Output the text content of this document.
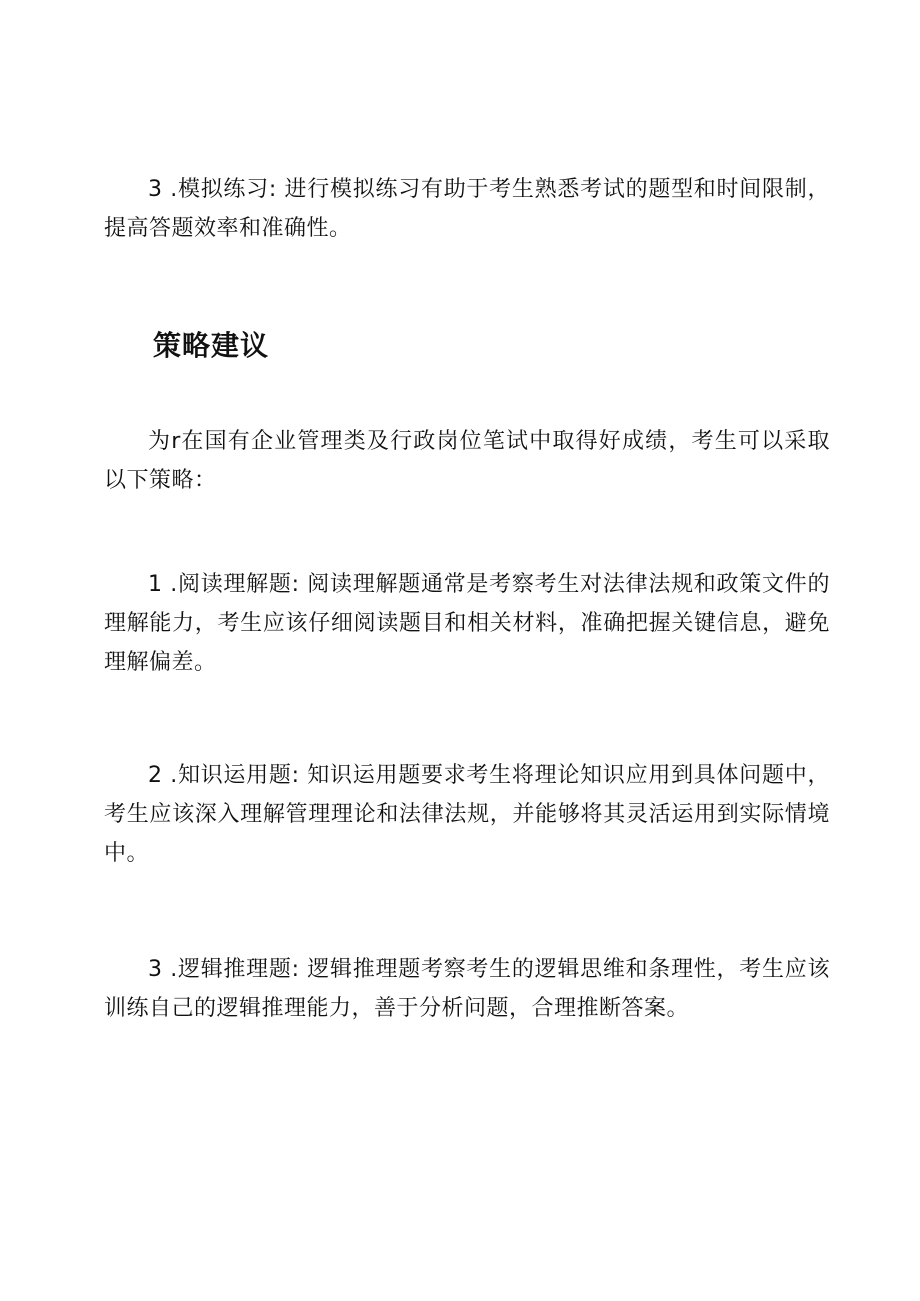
3 .模拟练习: 进行模拟练习有助于考生熟悉考试的题型和时间限制，提高答题效率和准确性。

策略建议

为r在国有企业管理类及行政岗位笔试中取得好成绩，考生可以采取以下策略：

1 .阅读理解题: 阅读理解题通常是考察考生对法律法规和政策文件的理解能力，考生应该仔细阅读题目和相关材料，准确把握关键信息，避免理解偏差。

2 .知识运用题: 知识运用题要求考生将理论知识应用到具体问题中，考生应该深入理解管理理论和法律法规，并能够将其灵活运用到实际情境中。

3 .逻辑推理题: 逻辑推理题考察考生的逻辑思维和条理性，考生应该训练自己的逻辑推理能力，善于分析问题，合理推断答案。
